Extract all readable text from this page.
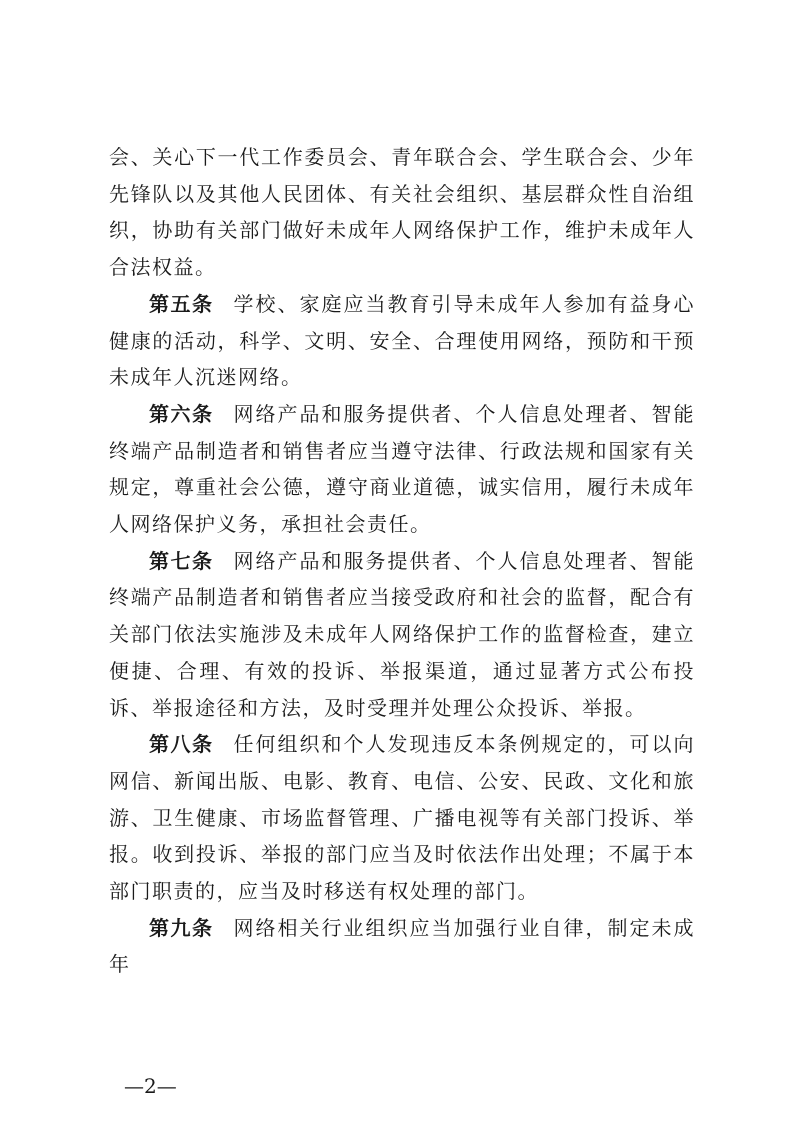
会、关心下一代工作委员会、青年联合会、学生联合会、少年先锋队以及其他人民团体、有关社会组织、基层群众性自治组织，协助有关部门做好未成年人网络保护工作，维护未成年人合法权益。

第五条 学校、家庭应当教育引导未成年人参加有益身心健康的活动，科学、文明、安全、合理使用网络，预防和干预未成年人沉迷网络。

第六条 网络产品和服务提供者、个人信息处理者、智能终端产品制造者和销售者应当遵守法律、行政法规和国家有关规定，尊重社会公德，遵守商业道德，诚实信用，履行未成年人网络保护义务，承担社会责任。

第七条 网络产品和服务提供者、个人信息处理者、智能终端产品制造者和销售者应当接受政府和社会的监督，配合有关部门依法实施涉及未成年人网络保护工作的监督检查，建立便捷、合理、有效的投诉、举报渠道，通过显著方式公布投诉、举报途径和方法，及时受理并处理公众投诉、举报。

第八条 任何组织和个人发现违反本条例规定的，可以向网信、新闻出版、电影、教育、电信、公安、民政、文化和旅游、卫生健康、市场监督管理、广播电视等有关部门投诉、举报。收到投诉、举报的部门应当及时依法作出处理；不属于本部门职责的，应当及时移送有权处理的部门。

第九条 网络相关行业组织应当加强行业自律，制定未成年

—2—
